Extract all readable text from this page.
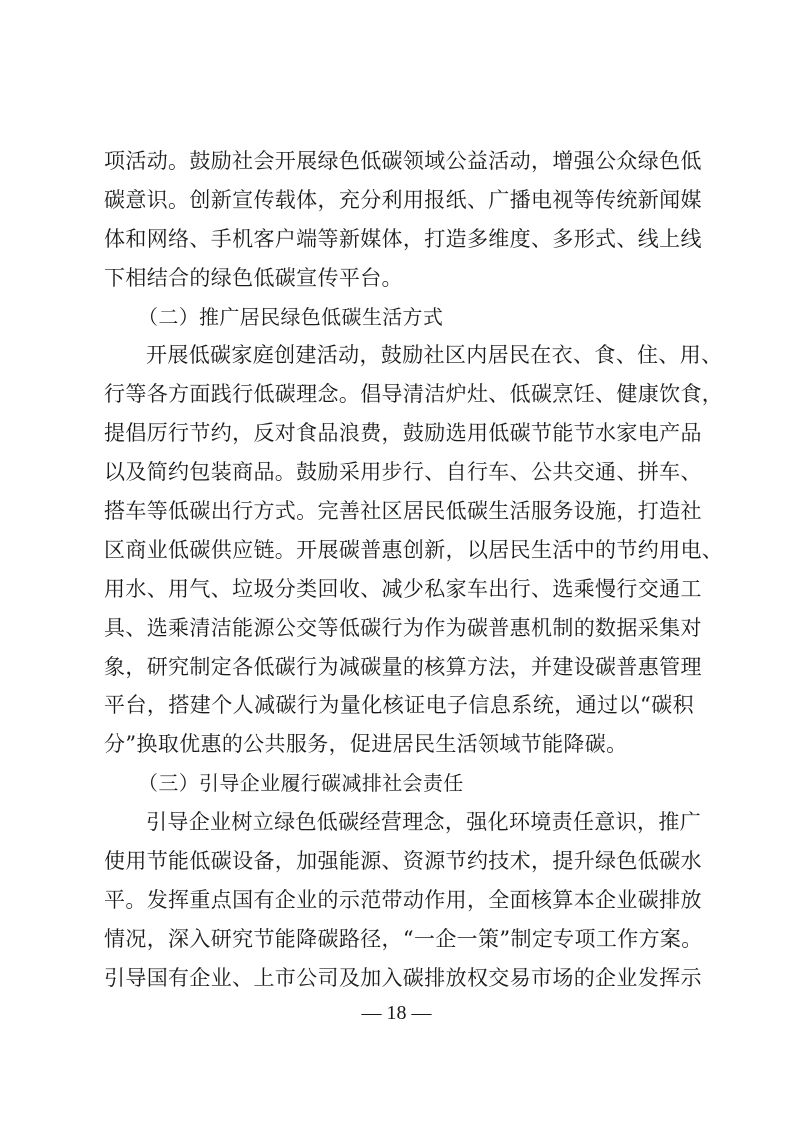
项活动。鼓励社会开展绿色低碳领域公益活动，增强公众绿色低
碳意识。创新宣传载体，充分利用报纸、广播电视等传统新闻媒
体和网络、手机客户端等新媒体，打造多维度、多形式、线上线
下相结合的绿色低碳宣传平台。
（二）推广居民绿色低碳生活方式
开展低碳家庭创建活动，鼓励社区内居民在衣、食、住、用、
行等各方面践行低碳理念。倡导清洁炉灶、低碳烹饪、健康饮食，
提倡厉行节约，反对食品浪费，鼓励选用低碳节能节水家电产品
以及简约包装商品。鼓励采用步行、自行车、公共交通、拼车、
搭车等低碳出行方式。完善社区居民低碳生活服务设施，打造社
区商业低碳供应链。开展碳普惠创新，以居民生活中的节约用电、
用水、用气、垃圾分类回收、减少私家车出行、选乘慢行交通工
具、选乘清洁能源公交等低碳行为作为碳普惠机制的数据采集对
象，研究制定各低碳行为减碳量的核算方法，并建设碳普惠管理
平台，搭建个人减碳行为量化核证电子信息系统，通过以“碳积
分”换取优惠的公共服务，促进居民生活领域节能降碳。
（三）引导企业履行碳减排社会责任
引导企业树立绿色低碳经营理念，强化环境责任意识，推广
使用节能低碳设备，加强能源、资源节约技术，提升绿色低碳水
平。发挥重点国有企业的示范带动作用，全面核算本企业碳排放
情况，深入研究节能降碳路径，“一企一策”制定专项工作方案。
引导国有企业、上市公司及加入碳排放权交易市场的企业发挥示
— 18 —
